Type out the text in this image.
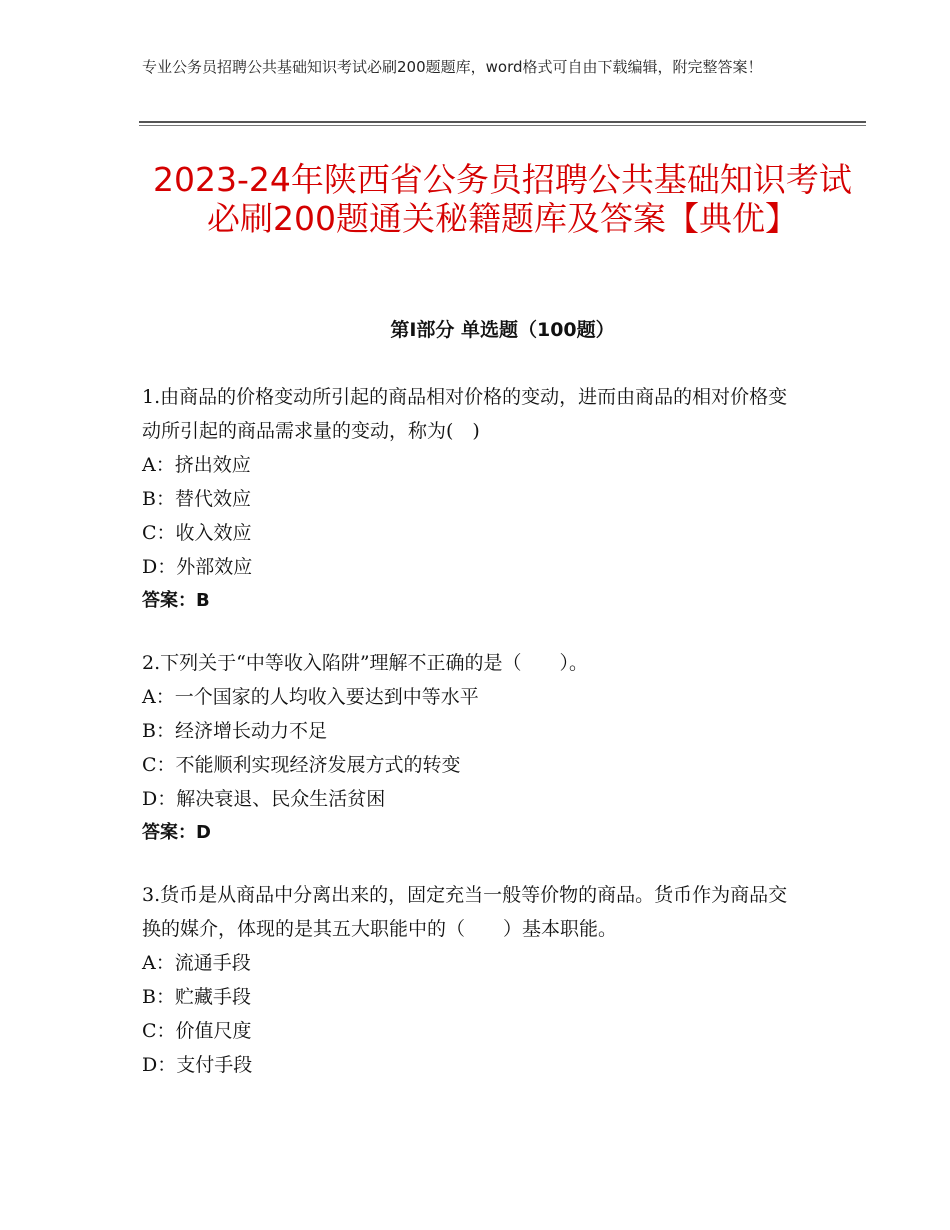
专业公务员招聘公共基础知识考试必刷200题题库，word格式可自由下载编辑，附完整答案！
2023-24年陕西省公务员招聘公共基础知识考试必刷200题通关秘籍题库及答案【典优】
第Ⅰ部分 单选题（100题）

1.由商品的价格变动所引起的商品相对价格的变动，进而由商品的相对价格变动所引起的商品需求量的变动，称为(　)

A：挤出效应

B：替代效应

C：收入效应

D：外部效应

答案：B

2.下列关于“中等收入陷阱”理解不正确的是（　　）。

A：一个国家的人均收入要达到中等水平

B：经济增长动力不足

C：不能顺利实现经济发展方式的转变

D：解决衰退、民众生活贫困

答案：D

3.货币是从商品中分离出来的，固定充当一般等价物的商品。货币作为商品交换的媒介，体现的是其五大职能中的（　　）基本职能。

A：流通手段

B：贮藏手段

C：价值尺度

D：支付手段
